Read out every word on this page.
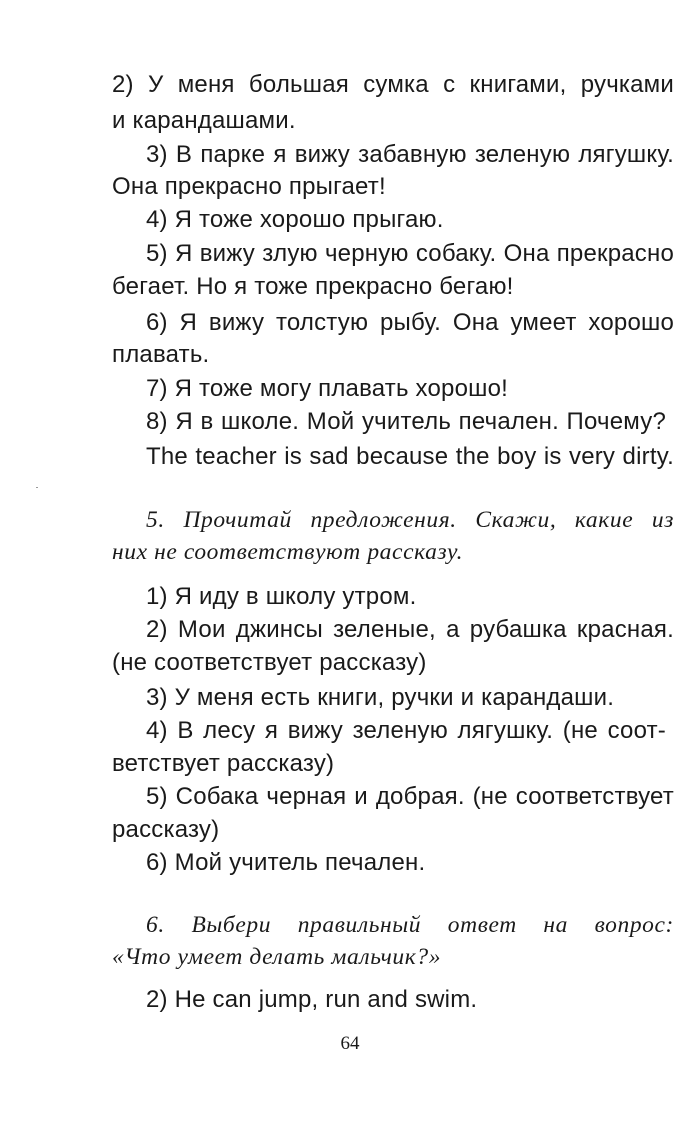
2) У меня большая сумка с книгами, ручками
и карандашами.
3) В парке я вижу забавную зеленую лягушку.
Она прекрасно прыгает!
4) Я тоже хорошо прыгаю.
5) Я вижу злую черную собаку. Она прекрасно
бегает. Но я тоже прекрасно бегаю!
6) Я вижу толстую рыбу. Она умеет хорошо
плавать.
7) Я тоже могу плавать хорошо!
8) Я в школе. Мой учитель печален. Почему?
The teacher is sad because the boy is very dirty.
5. Прочитай предложения. Скажи, какие из
них не соответствуют рассказу.
1) Я иду в школу утром.
2) Мои джинсы зеленые, а рубашка красная.
(не соответствует рассказу)
3) У меня есть книги, ручки и карандаши.
4) В лесу я вижу зеленую лягушку. (не соот-
ветствует рассказу)
5) Собака черная и добрая. (не соответствует
рассказу)
6) Мой учитель печален.
6. Выбери правильный ответ на вопрос:
«Что умеет делать мальчик?»
2) He can jump, run and swim.
64
